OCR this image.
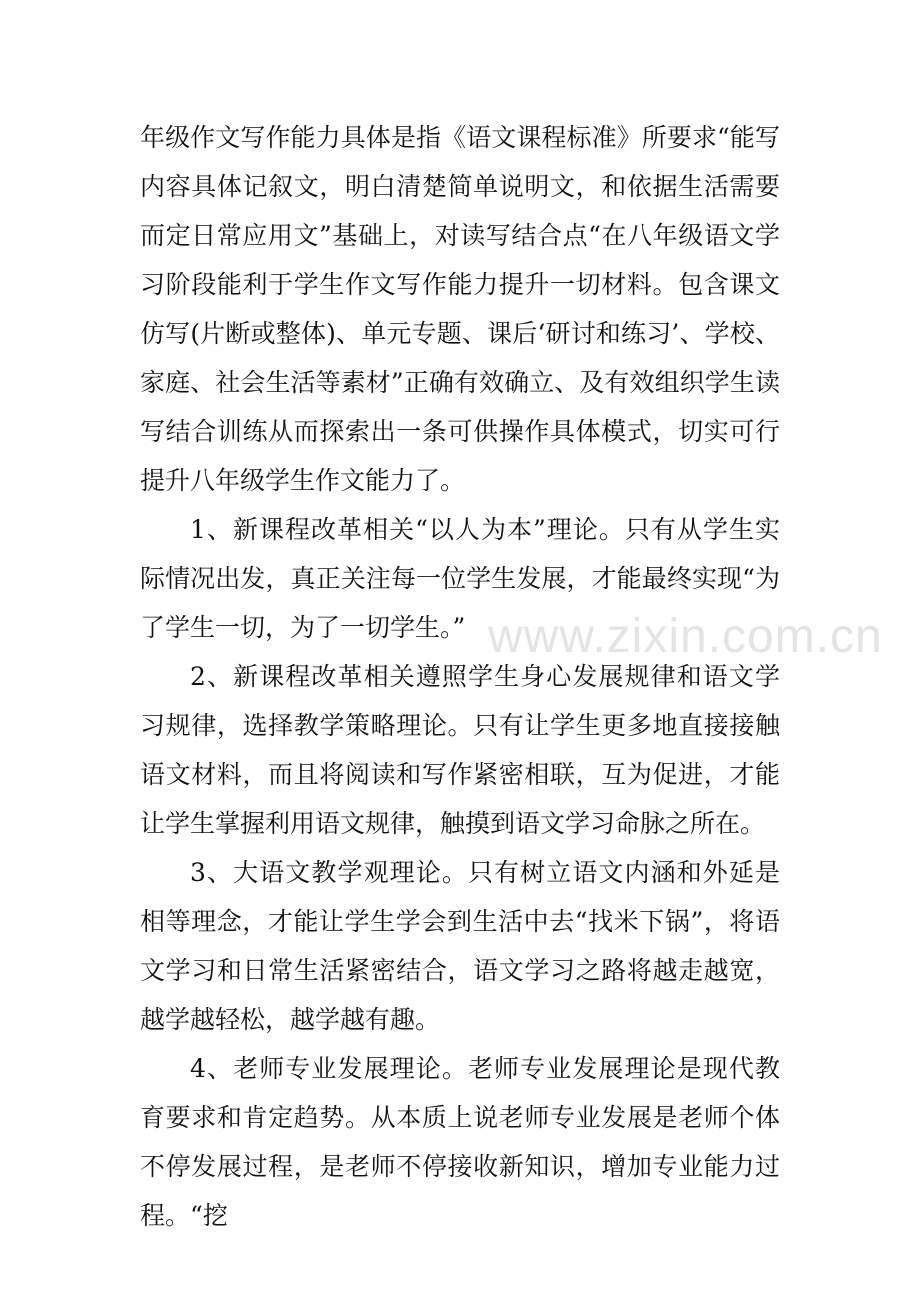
年级作文写作能力具体是指《语文课程标准》所要求“能写内容具体记叙文，明白清楚简单说明文，和依据生活需要而定日常应用文”基础上，对读写结合点“在八年级语文学习阶段能利于学生作文写作能力提升一切材料。包含课文仿写(片断或整体)、单元专题、课后‘研讨和练习’、学校、家庭、社会生活等素材”正确有效确立、及有效组织学生读写结合训练从而探索出一条可供操作具体模式，切实可行提升八年级学生作文能力了。

1、新课程改革相关“以人为本”理论。只有从学生实际情况出发，真正关注每一位学生发展，才能最终实现“为了学生一切，为了一切学生。”

2、新课程改革相关遵照学生身心发展规律和语文学习规律，选择教学策略理论。只有让学生更多地直接接触语文材料，而且将阅读和写作紧密相联，互为促进，才能让学生掌握利用语文规律，触摸到语文学习命脉之所在。

3、大语文教学观理论。只有树立语文内涵和外延是相等理念，才能让学生学会到生活中去“找米下锅”，将语文学习和日常生活紧密结合，语文学习之路将越走越宽，越学越轻松，越学越有趣。

4、老师专业发展理论。老师专业发展理论是现代教育要求和肯定趋势。从本质上说老师专业发展是老师个体不停发展过程，是老师不停接收新知识，增加专业能力过程。“挖

www.zixin.com.cn
